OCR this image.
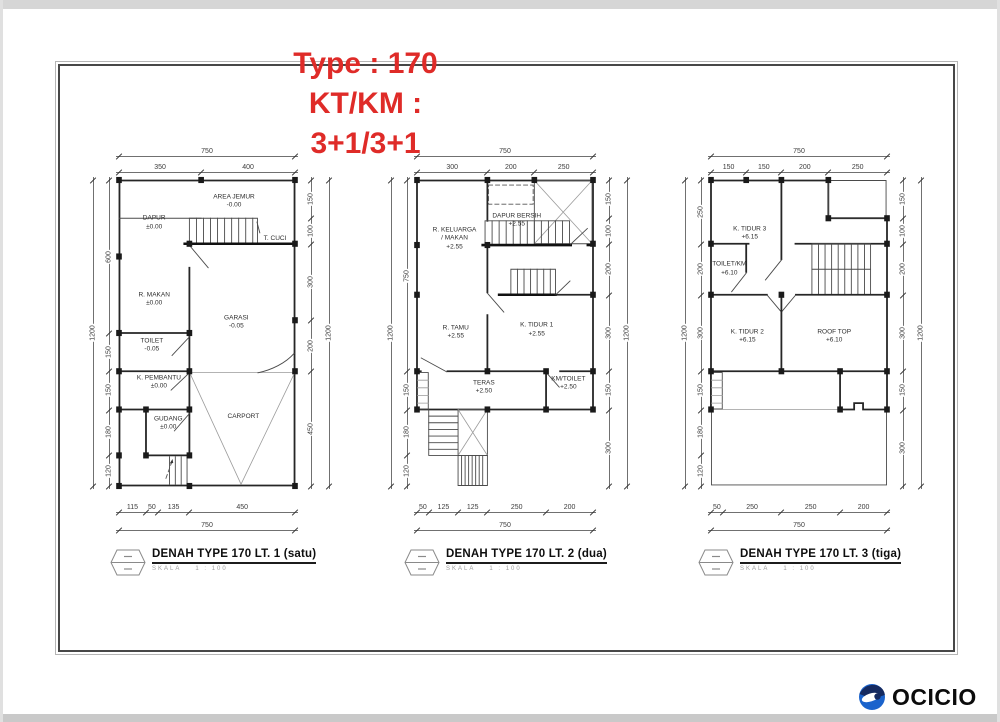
Type : 170
KT/KM :
3+1/3+1
750
350	400
115 50 135	450
750
1200
600
150
150
180
120
150
100
300
200
450
1200
DAPUR
±0.00
AREA JEMUR
-0.00
T. CUCI
R. MAKAN
±0.00
GARASI
-0.05
TOILET
-0.05
K. PEMBANTU
±0.00
GUDANG
±0.00
CARPORT
750
300	200	250
50 125	125	250	200
750
1200
750
150
180
120
150
100
200
300
150
300
1200
R. KELUARGA
/ MAKAN
+2.55
DAPUR BERSIH
+2.55
R. TAMU
+2.55
K. TIDUR 1
+2.55
TERAS
+2.50
KM/TOILET
+2.50
750
150	150	200	250
50	250	250	200
750
1200
250
200
300
150
180
120
150
100
200
300
150
300
1200
K. TIDUR 3
+6.15
TOILET/KM
+6.10
K. TIDUR 2
+6.15
ROOF TOP
+6.10
DENAH TYPE 170 LT. 1 (satu)
SKALA 1 : 100
DENAH TYPE 170 LT. 2 (dua)
SKALA 1 : 100
DENAH TYPE 170 LT. 3 (tiga)
SKALA 1 : 100
OCICIO
